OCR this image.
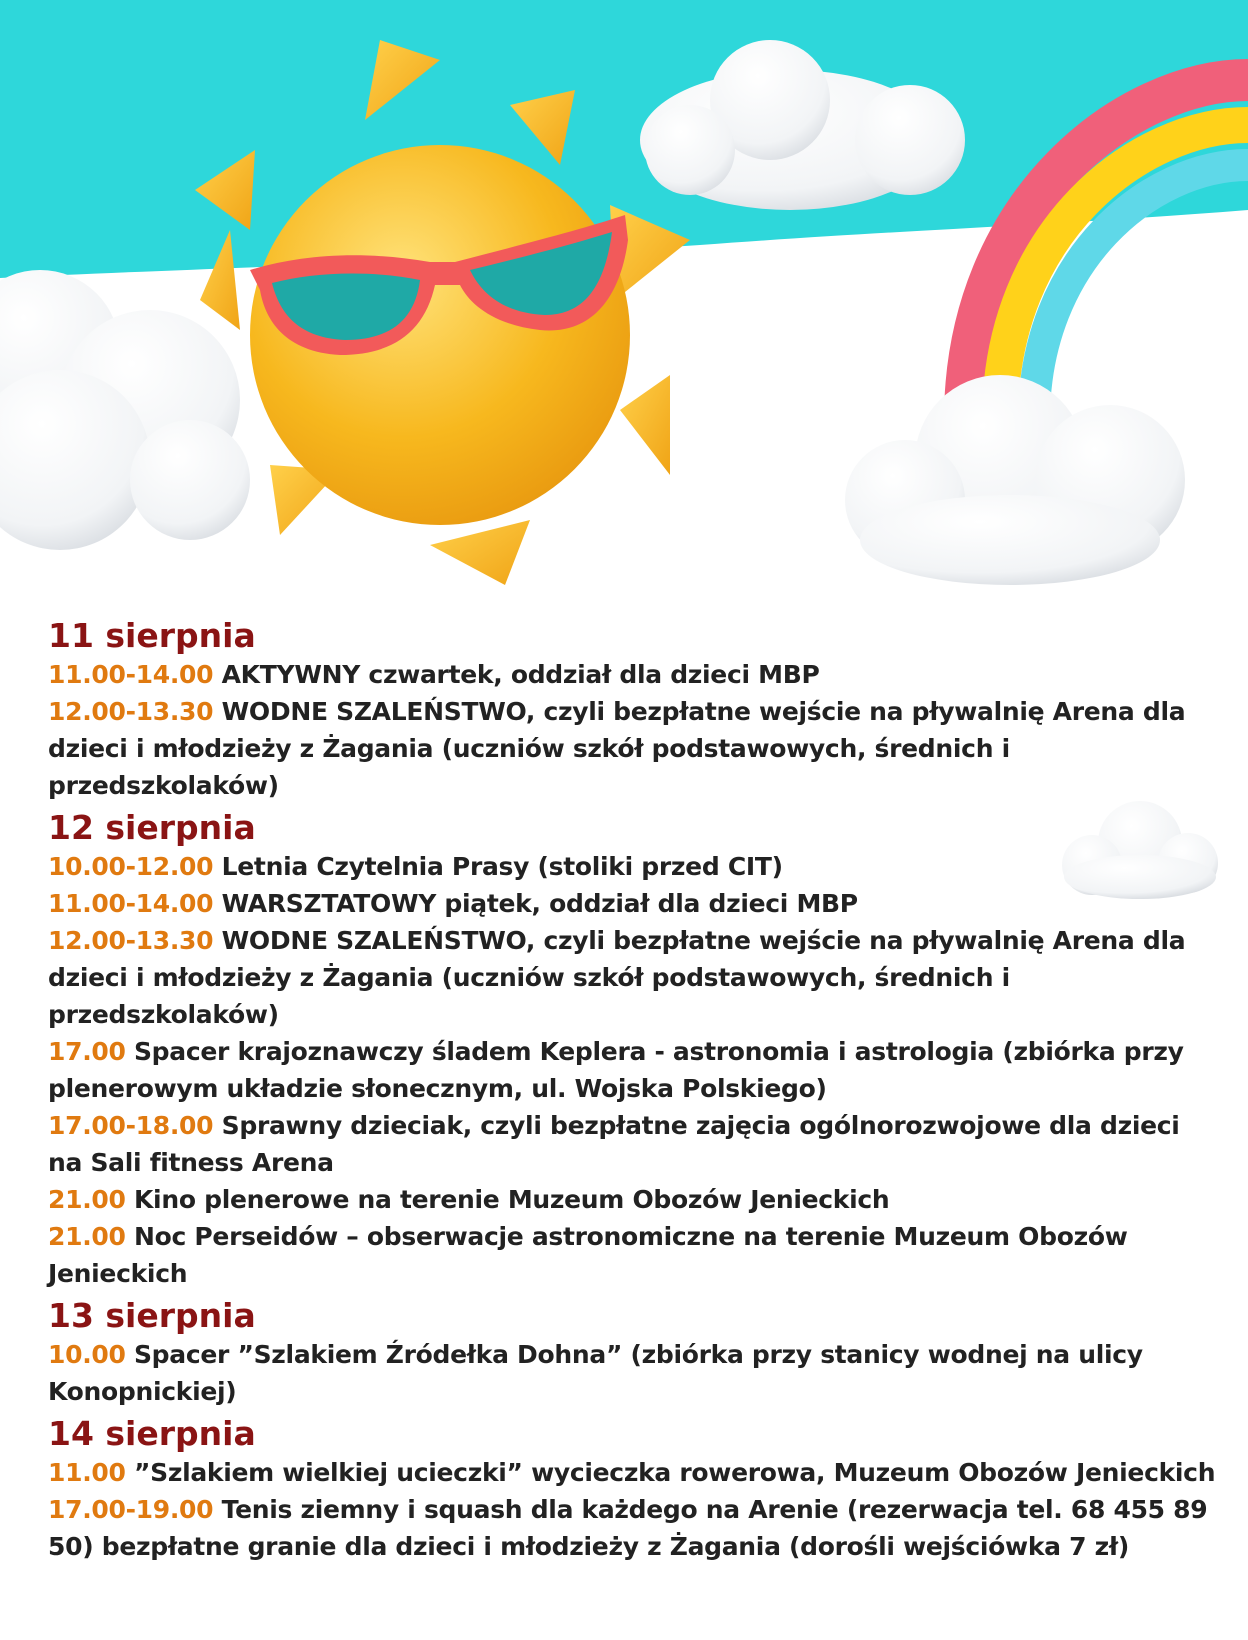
11 sierpnia

11.00-14.00 AKTYWNY czwartek, oddział dla dzieci MBP

12.00-13.30 WODNE SZALEŃSTWO, czyli bezpłatne wejście na pływalnię Arena dla dzieci i młodzieży z Żagania (uczniów szkół podstawowych, średnich i przedszkolaków)

12 sierpnia

10.00-12.00 Letnia Czytelnia Prasy (stoliki przed CIT)

11.00-14.00 WARSZTATOWY piątek, oddział dla dzieci MBP

12.00-13.30 WODNE SZALEŃSTWO, czyli bezpłatne wejście na pływalnię Arena dla dzieci i młodzieży z Żagania (uczniów szkół podstawowych, średnich i przedszkolaków)

17.00 Spacer krajoznawczy śladem Keplera - astronomia i astrologia (zbiórka przy plenerowym układzie słonecznym, ul. Wojska Polskiego)

17.00-18.00 Sprawny dzieciak, czyli bezpłatne zajęcia ogólnorozwojowe dla dzieci na Sali fitness Arena

21.00 Kino plenerowe na terenie Muzeum Obozów Jenieckich

21.00 Noc Perseidów – obserwacje astronomiczne na terenie Muzeum Obozów Jenieckich

13 sierpnia

10.00 Spacer ”Szlakiem Źródełka Dohna” (zbiórka przy stanicy wodnej na ulicy Konopnickiej)

14 sierpnia

11.00 ”Szlakiem wielkiej ucieczki” wycieczka rowerowa, Muzeum Obozów Jenieckich

17.00-19.00 Tenis ziemny i squash dla każdego na Arenie (rezerwacja tel. 68 455 89 50) bezpłatne granie dla dzieci i młodzieży z Żagania (dorośli wejściówka 7 zł)
